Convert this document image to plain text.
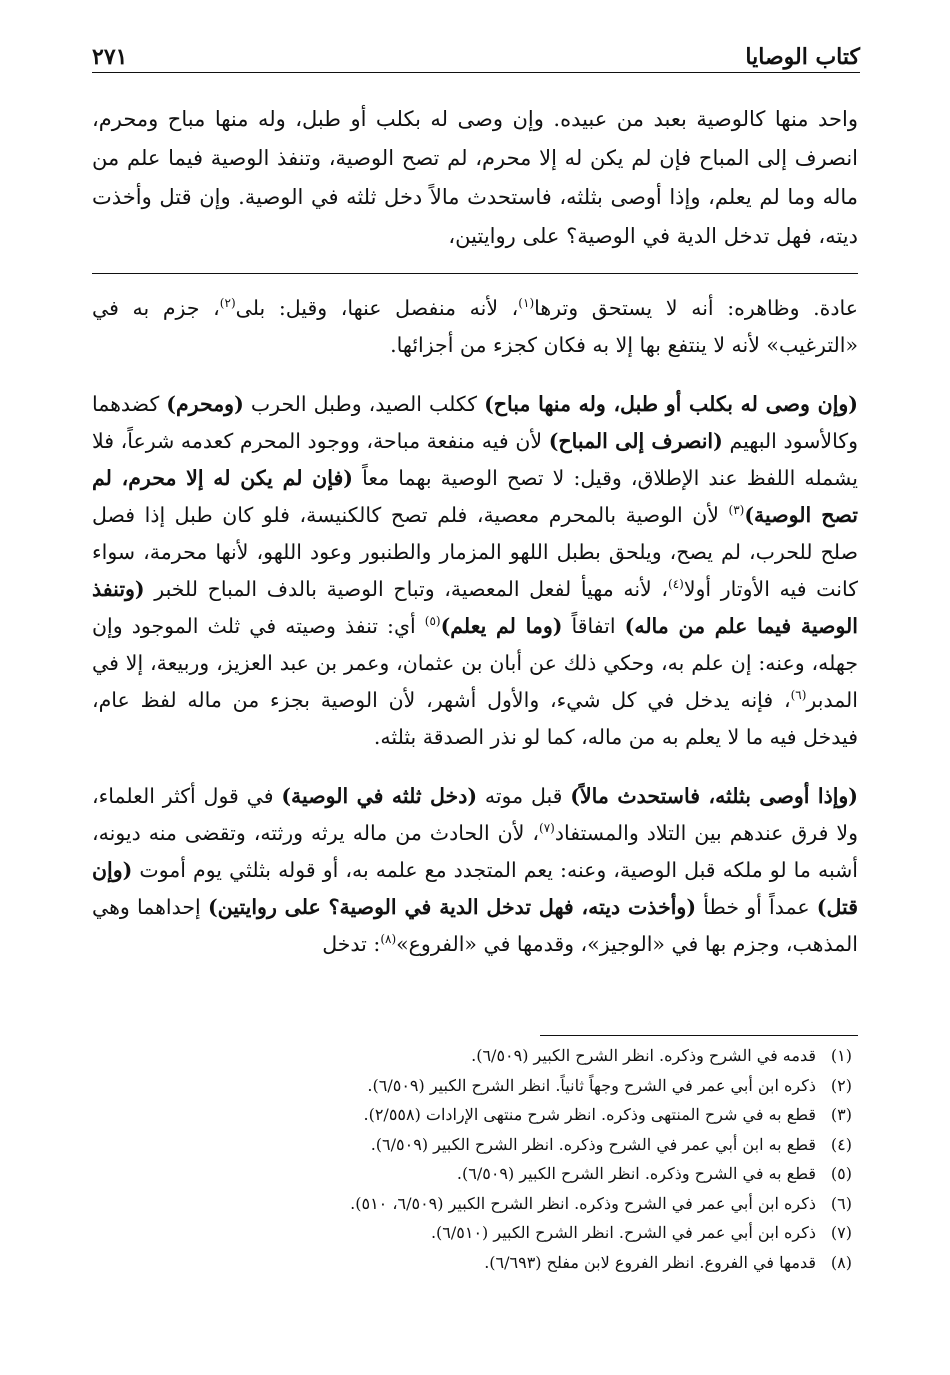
كتاب الوصايا
٢٧١
واحد منها كالوصية بعبد من عبيده. وإن وصى له بكلب أو طبل، وله منها مباح ومحرم، انصرف إلى المباح فإن لم يكن له إلا محرم، لم تصح الوصية، وتنفذ الوصية فيما علم من ماله وما لم يعلم، وإذا أوصى بثلثه، فاستحدث مالاً دخل ثلثه في الوصية. وإن قتل وأخذت ديته، فهل تدخل الدية في الوصية؟ على روايتين،

عادة. وظاهره: أنه لا يستحق وترها$^{(١)}$، لأنه منفصل عنها، وقيل: بلى$^{(٢)}$، جزم به في «الترغيب» لأنه لا ينتفع بها إلا به فكان كجزء من أجزائها.

(وإن وصى له بكلب أو طبل، وله منها مباح) ككلب الصيد، وطبل الحرب (ومحرم) كضدهما وكالأسود البهيم (انصرف إلى المباح) لأن فيه منفعة مباحة، ووجود المحرم كعدمه شرعاً، فلا يشمله اللفظ عند الإطلاق، وقيل: لا تصح الوصية بهما معاً (فإن لم يكن له إلا محرم، لم تصح الوصية)$^{(٣)}$ لأن الوصية بالمحرم معصية، فلم تصح كالكنيسة، فلو كان طبل إذا فصل صلح للحرب، لم يصح، ويلحق بطبل اللهو المزمار والطنبور وعود اللهو، لأنها محرمة، سواء كانت فيه الأوتار أولا$^{(٤)}$، لأنه مهيأ لفعل المعصية، وتباح الوصية بالدف المباح للخبر (وتنفذ الوصية فيما علم من ماله) اتفاقاً (وما لم يعلم)$^{(٥)}$ أي: تنفذ وصيته في ثلث الموجود وإن جهله، وعنه: إن علم به، وحكي ذلك عن أبان بن عثمان، وعمر بن عبد العزيز، وربيعة، إلا في المدبر$^{(٦)}$، فإنه يدخل في كل شيء، والأول أشهر، لأن الوصية بجزء من ماله لفظ عام، فيدخل فيه ما لا يعلم به من ماله، كما لو نذر الصدقة بثلثه.

(وإذا أوصى بثلثه، فاستحدث مالاً) قبل موته (دخل ثلثه في الوصية) في قول أكثر العلماء، ولا فرق عندهم بين التلاد والمستفاد$^{(٧)}$، لأن الحادث من ماله يرثه ورثته، وتقضى منه ديونه، أشبه ما لو ملكه قبل الوصية، وعنه: يعم المتجدد مع علمه به، أو قوله بثلثي يوم أموت (وإن قتل) عمداً أو خطأ (وأخذت ديته، فهل تدخل الدية في الوصية؟ على روايتين) إحداهما وهي المذهب، وجزم بها في «الوجيز»، وقدمها في «الفروع»$^{(٨)}$: تدخل

(١)
قدمه في الشرح وذكره. انظر الشرح الكبير (٦/٥٠٩).
(٢)
ذكره ابن أبي عمر في الشرح وجهاً ثانياً. انظر الشرح الكبير (٦/٥٠٩).
(٣)
قطع به في شرح المنتهى وذكره. انظر شرح منتهى الإرادات (٢/٥٥٨).
(٤)
قطع به ابن أبي عمر في الشرح وذكره. انظر الشرح الكبير (٦/٥٠٩).
(٥)
قطع به في الشرح وذكره. انظر الشرح الكبير (٦/٥٠٩).
(٦)
ذكره ابن أبي عمر في الشرح وذكره. انظر الشرح الكبير (٦/٥٠٩، ٥١٠).
(٧)
ذكره ابن أبي عمر في الشرح. انظر الشرح الكبير (٦/٥١٠).
(٨)
قدمها في الفروع. انظر الفروع لابن مفلح (٦/٦٩٣).
